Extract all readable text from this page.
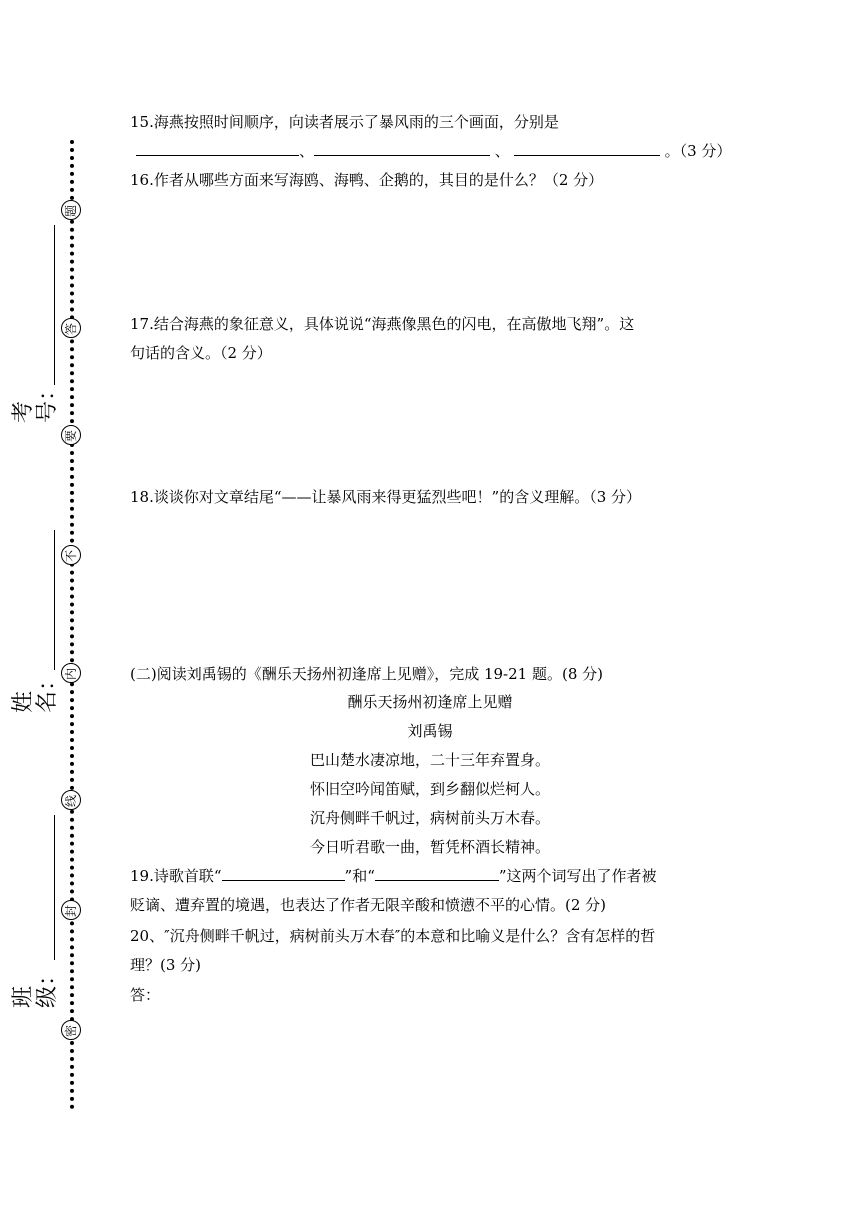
考号：
姓名：
班级：
题
答
要
不
内
线
封
密
15.海燕按照时间顺序，向读者展示了暴风雨的三个画面，分别是
、	、	。（3 分）
16.作者从哪些方面来写海鸥、海鸭、企鹅的，其目的是什么？（2 分）
17.结合海燕的象征意义，具体说说“海燕像黑色的闪电，在高傲地飞翔”。这
句话的含义。（2 分）
18.谈谈你对文章结尾“——让暴风雨来得更猛烈些吧！”的含义理解。（3 分）
(二)阅读刘禹锡的《酬乐天扬州初逢席上见赠》，完成 19-21 题。(8 分)
酬乐天扬州初逢席上见赠
刘禹锡
巴山楚水凄凉地，二十三年弃置身。
怀旧空吟闻笛赋，到乡翻似烂柯人。
沉舟侧畔千帆过，病树前头万木春。
今日听君歌一曲，暂凭杯酒长精神。
19.诗歌首联“	”和“	”这两个词写出了作者被
贬谪、遭弃置的境遇，也表达了作者无限辛酸和愤懑不平的心情。(2 分)
20、″沉舟侧畔千帆过，病树前头万木春″的本意和比喻义是什么？含有怎样的哲
理？(3 分)
答：
